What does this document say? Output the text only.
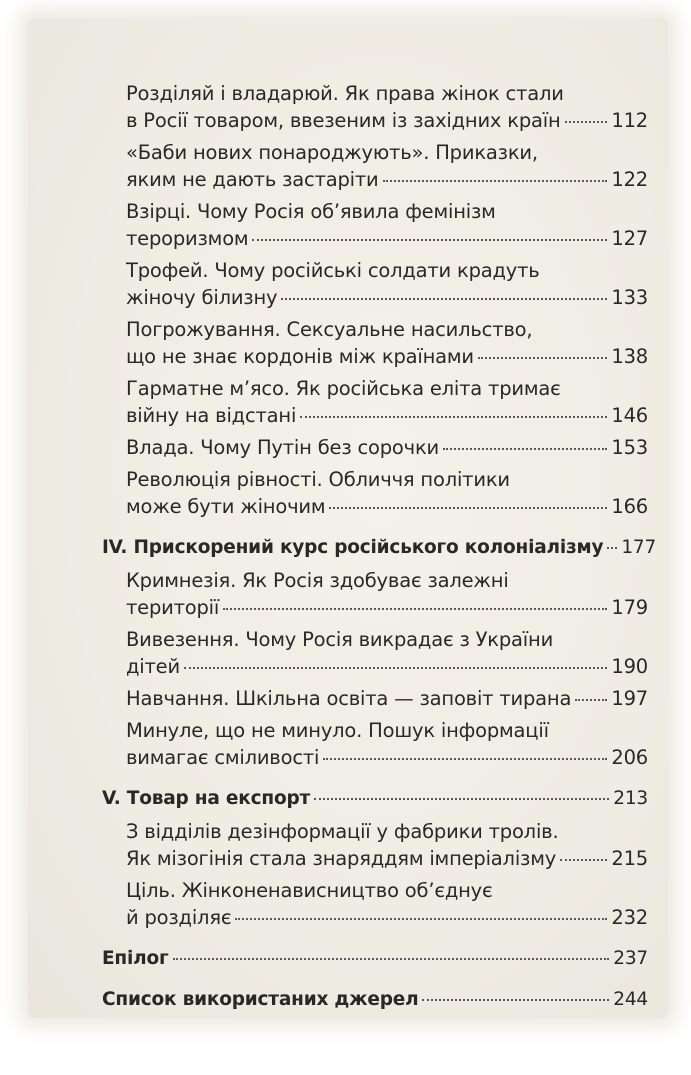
Розділяй і владарюй. Як права жінок стали
в Росії товаром, ввезеним із західних країн	112
«Баби нових понароджують». Приказки,
яким не дають застаріти	122
Взірці. Чому Росія об’явила фемінізм
тероризмом	127
Трофей. Чому російські солдати крадуть
жіночу білизну	133
Погрожування. Сексуальне насильство,
що не знає кордонів між країнами	138
Гарматне м’ясо. Як російська еліта тримає
війну на відстані	146
Влада. Чому Путін без сорочки	153
Революція рівності. Обличчя політики
може бути жіночим	166
IV. Прискорений курс російського колоніалізму 177
Кримнезія. Як Росія здобуває залежні
території	179
Вивезення. Чому Росія викрадає з України
дітей	190
Навчання. Шкільна освіта — заповіт тирана 197
Минуле, що не минуло. Пошук інформації
вимагає сміливості	206
V. Товар на експорт	213
З відділів дезінформації у фабрики тролів.
Як мізогінія стала знаряддям імперіалізму	215
Ціль. Жінконенависництво об’єднує
й розділяє	232
Епілог	237
Список використаних джерел	244
